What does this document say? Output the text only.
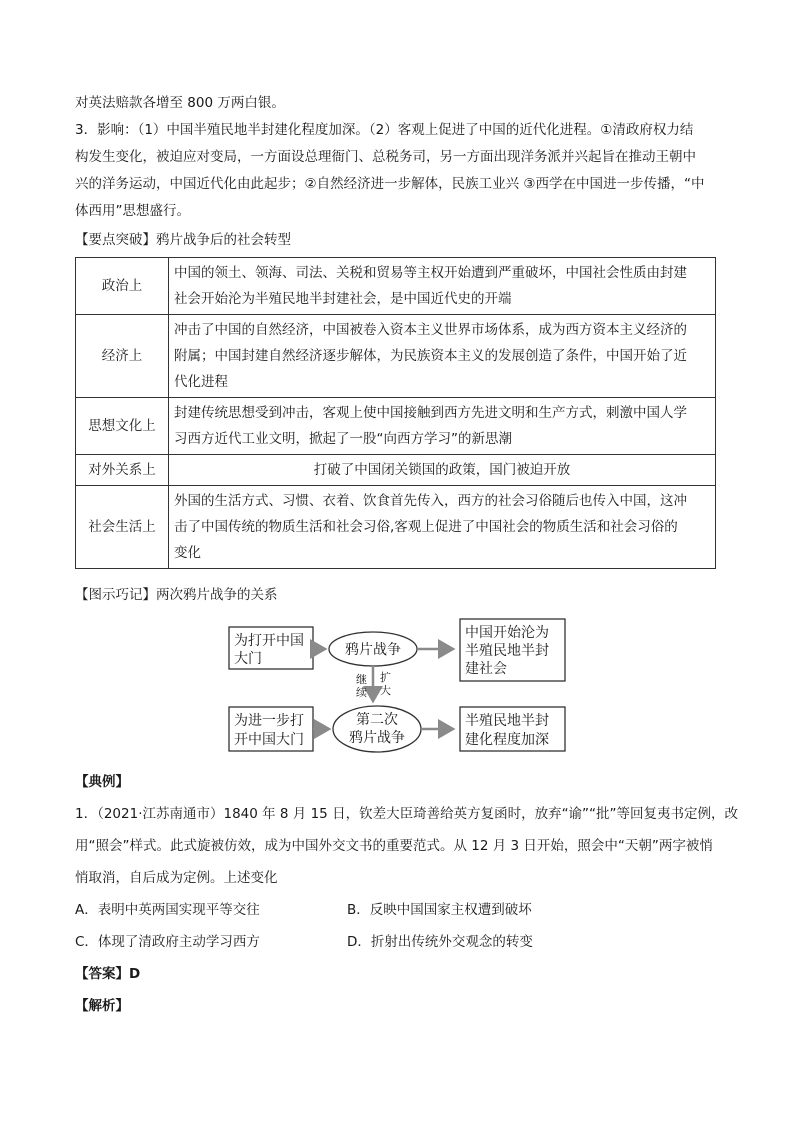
对英法赔款各增至 800 万两白银。
3．影响：（1）中国半殖民地半封建化程度加深。（2）客观上促进了中国的近代化进程。①清政府权力结
构发生变化，被迫应对变局，一方面设总理衙门、总税务司，另一方面出现洋务派并兴起旨在推动王朝中
兴的洋务运动，中国近代化由此起步；②自然经济进一步解体，民族工业兴 ③西学在中国进一步传播，“中
体西用”思想盛行。
【要点突破】鸦片战争后的社会转型
政治上	中国的领土、领海、司法、关税和贸易等主权开始遭到严重破坏，中国社会性质由封建
社会开始沦为半殖民地半封建社会，是中国近代史的开端

经济上	冲击了中国的自然经济，中国被卷入资本主义世界市场体系，成为西方资本主义经济的
附属；中国封建自然经济逐步解体，为民族资本主义的发展创造了条件，中国开始了近
代化进程

思想文化上	封建传统思想受到冲击，客观上使中国接触到西方先进文明和生产方式，刺激中国人学
习西方近代工业文明，掀起了一股“向西方学习”的新思潮

对外关系上	打破了中国闭关锁国的政策，国门被迫开放

社会生活上	外国的生活方式、习惯、衣着、饮食首先传入，西方的社会习俗随后也传入中国，这冲
击了中国传统的物质生活和社会习俗,客观上促进了中国社会的物质生活和社会习俗的
变化
【图示巧记】两次鸦片战争的关系
为打开中国
大门
鸦片战争
中国开始沦为
半殖民地半封
建社会
继
续
扩
大
为进一步打
开中国大门
第二次
鸦片战争
半殖民地半封
建化程度加深
【典例】
1．（2021·江苏南通市）1840 年 8 月 15 日，钦差大臣琦善给英方复函时，放弃“谕”“批”等回复夷书定例，改
用“照会”样式。此式旋被仿效，成为中国外交文书的重要范式。从 12 月 3 日开始，照会中“天朝”两字被悄
悄取消，自后成为定例。上述变化
A．表明中英两国实现平等交往	B．反映中国国家主权遭到破坏
C．体现了清政府主动学习西方	D．折射出传统外交观念的转变
【答案】D
【解析】
